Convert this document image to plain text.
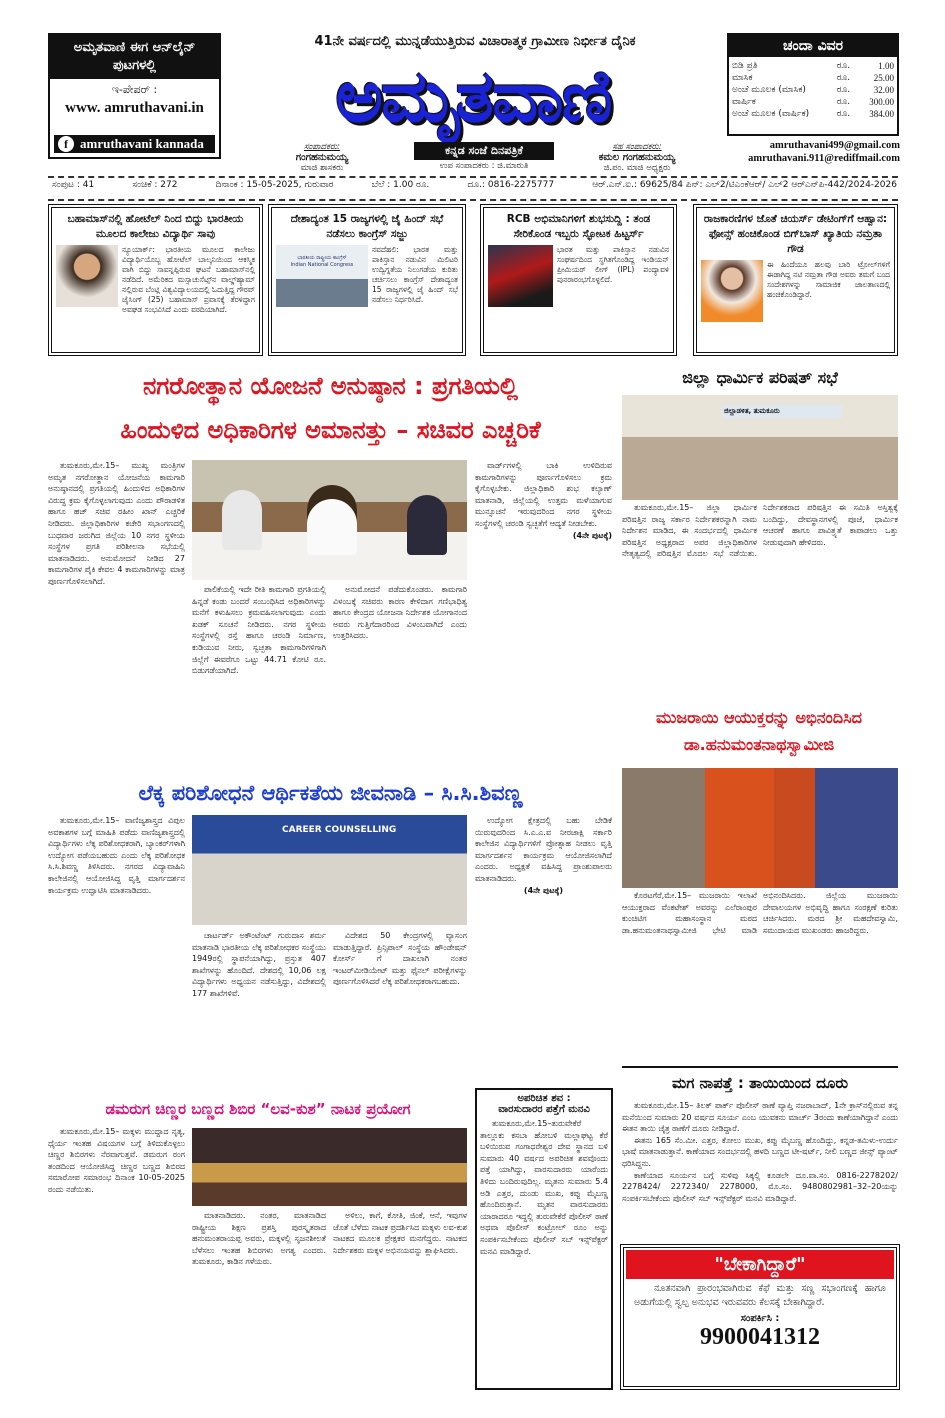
ಅಮೃತವಾಣಿ ಈಗ ಆನ್‌ಲೈನ್ ಪುಟಗಳಲ್ಲಿ
ಇ-ಪೇಪರ್ :
www. amruthavani.in
f amruthavani kannada
41ನೇ ವರ್ಷದಲ್ಲಿ ಮುನ್ನಡೆಯುತ್ತಿರುವ ವಿಚಾರಾತ್ಮಕ ಗ್ರಾಮೀಣ ನಿರ್ಭೀತ ದೈನಿಕ
ಅಮೃತವಾಣಿ
ಚಂದಾ ವಿವರ
ಬಿಡಿ ಪ್ರತಿ	ರೂ.	1.00
ಮಾಸಿಕ	ರೂ.	25.00
ಅಂಚೆ ಮೂಲಕ (ಮಾಸಿಕ)	ರೂ.	32.00
ವಾರ್ಷಿಕ	ರೂ.	300.00
ಅಂಚೆ ಮೂಲಕ (ವಾರ್ಷಿಕ)	ರೂ.	384.00
amruthavani499@gmail.com
amruthavani.911@rediffmail.com
ಸಂಪಾದಕರು:
ಗಂಗಹನುಮಯ್ಯ
ಮಾಜಿ ಶಾಸಕರು
ಕನ್ನಡ ಸಂಜೆ ದಿನಪತ್ರಿಕೆ
ಉಪ ಸಂಪಾದಕರು : ಜಿ.ಮಾರುತಿ
ಸಹ ಸಂಪಾದಕರು:
ಕಮಲ ಗಂಗಹನುಮಯ್ಯ
ಜಿ.ಪಂ. ಮಾಜಿ ಅಧ್ಯಕ್ಷರು
ಸಂಪುಟ : 41	ಸಂಚಿಕೆ : 272	ದಿನಾಂಕ : 15-05-2025, ಗುರುವಾರ	ಬೆಲೆ : 1.00 ರೂ.	ದೂ.: 0816-2275777	ಆರ್.ಎನ್.ಐ.: 69625/84 ಪಿನ್: ಎಲ್2/ಟಿಎಂಕೆಆರ್/ ಎಲ್2 ಆರ್‌ಎನ್‌ಪಿ-442/2024-2026
ಬಹಾಮಾಸ್‌ನಲ್ಲಿ ಹೋಟೆಲ್ ನಿಂದ ಬಿದ್ದು ಭಾರತೀಯ ಮೂಲದ ಕಾಲೇಜು ವಿದ್ಯಾರ್ಥಿ ಸಾವು

ನ್ಯೂಯಾರ್ಕ್: ಭಾರತೀಯ ಮೂಲದ ಕಾಲೇಜು ವಿದ್ಯಾರ್ಥಿಯೊಬ್ಬ ಹೋಟೆಲ್ ಬಾಲ್ಕನಿಯಿಂದ ಆಕಸ್ಮಿಕ ವಾಗಿ ಬಿದ್ದು ಸಾವನ್ನಪ್ಪಿರುವ ಘಟನೆ ಬಹಾಮಾಸ್‌ನಲ್ಲಿ ನಡೆದಿದೆ. ಅಮೆರಿಕದ ಮಸ್ಸಾಚುಸೆಟ್ಸ್‌ನ ವಾಲ್ಡ್‌ಹ್ಯಾಮ್ ನಲ್ಲಿರುವ ಬೆಂಟ್ಲಿ ವಿಶ್ವವಿದ್ಯಾಲಯದಲ್ಲಿ ಓದುತ್ತಿದ್ದ ಗೌರವ್ ಜೈಸಿಂಗ್ (25) ಬಹಾಮಾಸ್ ಪ್ರವಾಸಕ್ಕೆ ತೆರಳಿದ್ದಾಗ ಅವಘಡ ಸಂಭವಿಸಿದೆ ಎಂದು ವರದಿಯಾಗಿದೆ.

ದೇಶಾದ್ಯಂತ 15 ರಾಜ್ಯಗಳಲ್ಲಿ ಜೈ ಹಿಂದ್ ಸಭೆ ನಡೆಸಲು ಕಾಂಗ್ರೆಸ್ ಸಜ್ಜು
ಭಾರತೀಯ ರಾಷ್ಟ್ರೀಯ ಕಾಂಗ್ರೆಸ್
Indian National Congress

ನವದೆಹಲಿ: ಭಾರತ ಮತ್ತು ಪಾಕಿಸ್ತಾನ ನಡುವಿನ ಮಿಲಿಟರಿ ಉದ್ವಿಗ್ನತೆಯ ನಿಲುಗಡೆಯ ಕುರಿತು ಚರ್ಚಿಸಲು ಕಾಂಗ್ರೆಸ್ ದೇಶಾದ್ಯಂತ 15 ರಾಜ್ಯಗಳಲ್ಲಿ ಜೈ ಹಿಂದ್ ಸಭೆ ನಡೆಸಲು ನಿರ್ಧರಿಸಿದೆ.

RCB ಅಭಿಮಾನಿಗಳಿಗೆ ಶುಭಸುದ್ದಿ : ತಂಡ ಸೇರಿಕೊಂಡ ಇಬ್ಬರು ಸ್ಫೋಟಕ ಹಿಟ್ಟರ್ಸ್

ಭಾರತ ಮತ್ತು ಪಾಕಿಸ್ತಾನ ನಡುವಿನ ಸಂಘರ್ಷದಿಂದ ಸ್ಥಗಿತಗೊಂಡಿದ್ದ ಇಂಡಿಯನ್ ಪ್ರೀಮಿಯರ್ ಲೀಗ್ (IPL) ಪಂದ್ಯಾವಳಿ ಪುನರಾರಂಭಗೊಳ್ಳಲಿದೆ.

ರಾಜಕಾರಣಿಗಳ ಜೊತೆ ಚಿಯರ್ಸ್ ಡೇಟಿಂಗ್‌ಗೆ ಆಹ್ವಾನ: ಫೋನ್ಸ್ ಹಂಚಿಕೊಂಡ ಬಿಗ್‌ಬಾಸ್ ಖ್ಯಾತಿಯ ನಮ್ರತಾ ಗೌಡ

ಈ ಹಿಂದೆಯೂ ಹಲವು ಬಾರಿ ಟ್ರೋಲ್‌ಗಳಿಗೆ ಈಡಾಗಿದ್ದ ನಟಿ ನಮ್ರತಾ ಗೌಡ ಅವರು ತಮಗೆ ಬಂದ ಸಂದೇಶಗಳನ್ನು ಸಾಮಾಜಿಕ ಜಾಲತಾಣದಲ್ಲಿ ಹಂಚಿಕೊಂಡಿದ್ದಾರೆ.

ನಗರೋತ್ಥಾನ ಯೋಜನೆ ಅನುಷ್ಠಾನ : ಪ್ರಗತಿಯಲ್ಲಿ
ಹಿಂದುಳಿದ ಅಧಿಕಾರಿಗಳ ಅಮಾನತ್ತು – ಸಚಿವರ ಎಚ್ಚರಿಕೆ

ತುಮಕೂರು,ಮೇ.15– ಮುಖ್ಯ ಮಂತ್ರಿಗಳ ಅಮೃತ ನಗರೋತ್ಥಾನ ಯೋಜನೆಯ ಕಾಮಗಾರಿ ಅನುಷ್ಠಾನದಲ್ಲಿ ಪ್ರಗತಿಯಲ್ಲಿ ಹಿಂದುಳಿದ ಅಧಿಕಾರಿಗಳ ವಿರುದ್ಧ ಕ್ರಮ ಕೈಗೊಳ್ಳಲಾಗುವುದು ಎಂದು ಪೌರಾಡಳಿತ ಹಾಗೂ ಹಜ್ ಸಚಿವ ರಹೀಂ ಖಾನ್ ಎಚ್ಚರಿಕೆ ನೀಡಿದರು. ಜಿಲ್ಲಾಧಿಕಾರಿಗಳ ಕಚೇರಿ ಸಭಾಂಗಣದಲ್ಲಿ ಬುಧವಾರ ಜರುಗಿದ ಜಿಲ್ಲೆಯ 10 ನಗರ ಸ್ಥಳೀಯ ಸಂಸ್ಥೆಗಳ ಪ್ರಗತಿ ಪರಿಶೀಲನಾ ಸಭೆಯಲ್ಲಿ ಮಾತನಾಡಿದರು. ಅನುಮೋದನೆ ನೀಡಿದ 27 ಕಾಮಗಾರಿಗಳ ಪೈಕಿ ಕೇವಲ 4 ಕಾಮಗಾರಿಗಳನ್ನು ಮಾತ್ರ ಪೂರ್ಣಗೊಳಿಸಲಾಗಿದೆ.

ಪಾಲಿಕೆಯಲ್ಲಿ ಇದೇ ರೀತಿ ಕಾಮಗಾರಿ ಪ್ರಗತಿಯಲ್ಲಿ ಹಿನ್ನಡೆ ಕಂಡು ಬಂದರೆ ಸಂಬಂಧಿಸಿದ ಅಧಿಕಾರಿಗಳನ್ನು ಮನೆಗೆ ಕಳುಹಿಸಲು ಕ್ರಮವಹಿಸಲಾಗುವುದು ಎಂದು ಖಡಕ್ ಸೂಚನೆ ನೀಡಿದರು. ನಗರ ಸ್ಥಳೀಯ ಸಂಸ್ಥೆಗಳಲ್ಲಿ ರಸ್ತೆ ಹಾಗೂ ಚರಂಡಿ ನಿರ್ಮಾಣ, ಕುಡಿಯುವ ನೀರು, ಸ್ವಚ್ಛತಾ ಕಾಮಗಾರಿಗಳಿಗಾಗಿ ಜಿಲ್ಲೆಗೆ ಈವರೆಗೂ ಒಟ್ಟು 44.71 ಕೋಟಿ ರೂ. ಬಿಡುಗಡೆಯಾಗಿದೆ.

ಅನುಮೋದನೆ ಪಡೆದುಕೊಂಡರು. ಕಾಮಗಾರಿ ವಿಳಂಬಕ್ಕೆ ಸಚಿವರು ಕಾರಣ ಕೇಳಿದಾಗ ಗಣಿಭಾಧಿತ್ಯ ಹಾಗೂ ಕೇಂದ್ರದ ಯೋಜನಾ ನಿರ್ದೇಶಕ ಯೋಗಾನಂದ ಅವರು ಗುತ್ತಿಗೆದಾರರಿಂದ ವಿಳಂಬವಾಗಿದೆ ಎಂದು ಉತ್ತರಿಸಿದರು.

ವಾರ್ಡ್‌ಗಳಲ್ಲಿ ಬಾಕಿ ಉಳಿದಿರುವ ಕಾಮಗಾರಿಗಳನ್ನು ಪೂರ್ಣಗೊಳಿಸಲು ಕ್ರಮ ಕೈಗೊಳ್ಳಬೇಕು. ಜಿಲ್ಲಾಧಿಕಾರಿ ಶುಭ ಕಲ್ಯಾಣ್ ಮಾತನಾಡಿ, ಜಿಲ್ಲೆಯಲ್ಲಿ ಉತ್ತಮ ಮಳೆಯಾಗುವ ಮುನ್ಸೂಚನೆ ಇರುವುದರಿಂದ ನಗರ ಸ್ಥಳೀಯ ಸಂಸ್ಥೆಗಳಲ್ಲಿ ಚರಂಡಿ ಸ್ವಚ್ಛತೆಗೆ ಆದ್ಯತೆ ನೀಡಬೇಕು.

(4ನೇ ಪುಟಕ್ಕೆ)
ಜಿಲ್ಲಾ ಧಾರ್ಮಿಕ ಪರಿಷತ್ ಸಭೆ
ಜಿಲ್ಲಾಡಳಿತ, ತುಮಕೂರು

ತುಮಕೂರು,ಮೇ.15– ಜಿಲ್ಲಾ ಧಾರ್ಮಿಕ ಪರಿಷತ್ತಿನ ರಾಜ್ಯ ಸರ್ಕಾರ ನಿರ್ದೇಶಕರನ್ನಾಗಿ ನಾಮ ನಿರ್ದೇಶನ ಮಾಡಿದ, ಈ ಸಂದರ್ಭದಲ್ಲಿ ಧಾರ್ಮಿಕ ಪರಿಷತ್ತಿನ ಅಧ್ಯಕ್ಷರಾದ ಅಪರ ಜಿಲ್ಲಾಧಿಕಾರಿಗಳ ನೇತೃತ್ವದಲ್ಲಿ ಪರಿಷತ್ತಿನ ಮೊದಲ ಸಭೆ ನಡೆಯಿತು. ನಿರ್ದೇಶಕರಾದ ಪರಿಷತ್ತಿನ ಈ ಸಮಿತಿ ಅಸ್ತಿತ್ವಕ್ಕೆ ಬಂದಿದ್ದು, ದೇವಸ್ಥಾನಗಳಲ್ಲಿ ಪೂಜೆ, ಧಾರ್ಮಿಕ ಆಚರಣೆ ಹಾಗೂ ಪಾವಿತ್ರ್ಯತೆ ಕಾಪಾಡಲು ಒತ್ತು ನೀಡುವುದಾಗಿ ಹೇಳಿದರು.

ಮುಜರಾಯಿ ಆಯುಕ್ತರನ್ನು ಅಭಿನಂದಿಸಿದ
ಡಾ.ಹನುಮಂತನಾಥಸ್ವಾಮೀಜಿ

ಕೊರಟಗೆರೆ,ಮೇ.15– ಮುಜರಾಯಿ ಇಲಾಖೆ ಆಯುಕ್ತರಾದ ವೆಂಕಟೇಶ್ ಅವರನ್ನು ಎಲೆರಾಂಪುರ ಕುಂಚಿಟಿಗ ಮಹಾಸಂಸ್ಥಾನ ಮಠದ ಡಾ.ಹನುಮಂತನಾಥಸ್ವಾಮೀಜಿ ಭೇಟಿ ಮಾಡಿ ಅಭಿನಂದಿಸಿದರು. ಜಿಲ್ಲೆಯ ಮುಜರಾಯಿ ದೇವಾಲಯಗಳ ಅಭಿವೃದ್ಧಿ ಹಾಗೂ ಸಂರಕ್ಷಣೆ ಕುರಿತು ಚರ್ಚಿಸಿದರು. ಮಠದ ಶ್ರೀ ಮಹದೇವಸ್ವಾಮಿ, ಸಮುದಾಯದ ಮುಖಂಡರು ಹಾಜರಿದ್ದರು.

ಲೆಕ್ಕ ಪರಿಶೋಧನೆ ಆರ್ಥಿಕತೆಯ ಜೀವನಾಡಿ – ಸಿ.ಸಿ.ಶಿವಣ್ಣ

ತುಮಕೂರು,ಮೇ.15– ವಾಣಿಜ್ಯಶಾಸ್ತ್ರದ ವಿಪುಲ ಅವಕಾಶಗಳ ಬಗ್ಗೆ ಮಾಹಿತಿ ಪಡೆದು ವಾಣಿಜ್ಯಶಾಸ್ತ್ರದಲ್ಲಿ ವಿದ್ಯಾರ್ಥಿಗಳು ಲೆಕ್ಕ ಪರಿಶೋಧಕರಾಗಿ, ಬ್ಯಾಂಕರ್‌ಗಳಾಗಿ ಉದ್ಯೋಗ ಪಡೆಯಬಹುದು ಎಂದು ಲೆಕ್ಕ ಪರಿಶೋಧಕ ಸಿ.ಸಿ.ಶಿವಣ್ಣ ತಿಳಿಸಿದರು. ನಗರದ ವಿದ್ಯಾವಾಹಿನಿ ಕಾಲೇಜಿನಲ್ಲಿ ಆಯೋಜಿಸಿದ್ದ ವೃತ್ತಿ ಮಾರ್ಗದರ್ಶನ ಕಾರ್ಯಕ್ರಮ ಉದ್ಘಾಟಿಸಿ ಮಾತನಾಡಿದರು.

CAREER COUNSELLING

ಚಾರ್ಟರ್ಡ್ ಅಕೌಂಟೆಂಟ್ ಗುರುದಾಸ ಶರ್ಮ ಮಾತನಾಡಿ ಭಾರತೀಯ ಲೆಕ್ಕ ಪರಿಶೋಧಕರ ಸಂಸ್ಥೆಯು 1949ರಲ್ಲಿ ಸ್ಥಾಪನೆಯಾಗಿದ್ದು, ಪ್ರಸ್ತುತ 407 ಶಾಖೆಗಳನ್ನು ಹೊಂದಿದೆ. ದೇಶದಲ್ಲಿ 10,06 ಲಕ್ಷ ವಿದ್ಯಾರ್ಥಿಗಳು ಅಧ್ಯಯನ ನಡೆಸುತ್ತಿದ್ದು, ವಿದೇಶದಲ್ಲಿ 177 ಶಾಖೆಗಳಿವೆ.

ವಿದೇಶದ 50 ಕೇಂದ್ರಗಳಲ್ಲಿ ವ್ಯಾಸಂಗ ಮಾಡುತ್ತಿದ್ದಾರೆ. ಪ್ರಿನ್ಸಿಪಾಲ್ ಸಂಸ್ಥೆಯ ಹೌಂಡೇಷನ್ ಕೋರ್ಸ್ ಗೆ ದಾಖಲಾಗಿ ನಂತರ ಇಂಟರ್‌ಮೀಡಿಯೇಟ್ ಮತ್ತು ಫೈನಲ್ ಪರೀಕ್ಷೆಗಳನ್ನು ಪೂರ್ಣಗೊಳಿಸಿದರೆ ಲೆಕ್ಕ ಪರಿಶೋಧಕರಾಗಬಹುದು.

ಉದ್ಯೋಗ ಕ್ಷೇತ್ರದಲ್ಲಿ ಬಹು ಬೇಡಿಕೆ ಯಿರುವುದರಿಂದ ಸಿ.ಎ.ಎ.ವ ನೀರಜಾಕ್ಷಿ ಸರ್ಕಾರಿ ಕಾಲೇಜಿನ ವಿದ್ಯಾರ್ಥಿಗಳಿಗೆ ಪ್ರೋತ್ಸಾಹ ನೀಡಲು ವೃತ್ತಿ ಮಾರ್ಗದರ್ಶನ ಕಾರ್ಯಕ್ರಮ ಆಯೋಜಿಸಲಾಗಿದೆ ಎಂದರು. ಅಧ್ಯಕ್ಷತೆ ವಹಿಸಿದ್ದ ಪ್ರಾಂಶುಪಾಲರು ಮಾತನಾಡಿದರು.

(4ನೇ ಪುಟಕ್ಕೆ)
ಮಗ ನಾಪತ್ತೆ : ತಾಯಿಯಿಂದ ದೂರು

ತುಮಕೂರು,ಮೇ.15– ತಿಲಕ್ ಪಾರ್ಕ್ ಪೊಲೀಸ್ ಠಾಣೆ ವ್ಯಾಪ್ತಿ ನಜರಾಬಾದ್, 1ನೇ ಕ್ರಾಸ್‌ನಲ್ಲಿರುವ ತನ್ನ ಮನೆಯಿಂದ ಸುಮಾರು 20 ವರ್ಷದ ಸೂರ್ಯ ಎಂಬ ಯುವಕನು ಮಾರ್ಚ್ 3ರಂದು ಕಾಣೆಯಾಗಿದ್ದಾನೆ ಎಂದು ಈತನ ತಾಯಿ ಚೈತ್ರ ಠಾಣೆಗೆ ದೂರು ನೀಡಿದ್ದಾರೆ.

ಈತನು 165 ಸೆಂ.ಮೀ. ಎತ್ತರ, ಕೋಲು ಮುಖ, ಕಪ್ಪು ಮೈಬಣ್ಣ ಹೊಂದಿದ್ದು, ಕನ್ನಡ-ತಮಿಳು-ಉರ್ದು ಭಾಷೆ ಮಾತನಾಡುತ್ತಾನೆ. ಕಾಣೆಯಾದ ಸಂದರ್ಭದಲ್ಲಿ ಹಳದಿ ಬಣ್ಣದ ಟೀ-ಷರ್ಟ್, ನೀಲಿ ಬಣ್ಣದ ಜೀನ್ಸ್ ಪ್ಯಾಂಟ್ ಧರಿಸಿದ್ದನು.

ಕಾಣೆಯಾದ ಸೂರ್ಯನ ಬಗ್ಗೆ ಸುಳಿವು ಸಿಕ್ಕಲ್ಲಿ ಕೂಡಲೇ ದೂ.ವಾ.ಸಂ. 0816-2278202/ 2278424/ 2272340/ 2278000, ಮೊ.ಸಂ. 9480802981–32–20ಯನ್ನು ಸಂಪರ್ಕಿಸಬೇಕೆಂದು ಪೊಲೀಸ್ ಸಬ್ ಇನ್ಸ್‌ಪೆಕ್ಟರ್ ಮನವಿ ಮಾಡಿದ್ದಾರೆ.

ಡಮರುಗ ಚಿಣ್ಣರ ಬಣ್ಣದ ಶಿಬಿರ “ಲವ-ಕುಶ” ನಾಟಕ ಪ್ರಯೋಗ

ತುಮಕೂರು,ಮೇ.15– ಮಕ್ಕಳು ಮುದ್ದಾದ ನೃತ್ಯ, ಧೈರ್ಯ ಇಂತಹ ವಿಷಯಗಳ ಬಗ್ಗೆ ತಿಳಿದುಕೊಳ್ಳಲು ಚಿಣ್ಣರ ಶಿಬಿರಗಳು ನೆರವಾಗುತ್ತವೆ. ಡಮರುಗ ರಂಗ ತಂಡದಿಂದ ಆಯೋಜಿಸಿದ್ದ ಚಿಣ್ಣರ ಬಣ್ಣದ ಶಿಬಿರದ ಸಮಾರೋಪ ಸಮಾರಂಭ ದಿನಾಂಕ 10-05-2025 ರಂದು ನಡೆಯಿತು.

ಮಾತನಾಡಿದರು. ನಂತರ, ಮಾತನಾಡಿದ ರಾಷ್ಟ್ರೀಯ ಶಿಕ್ಷಣ ಪ್ರಶಸ್ತಿ ಪುರಸ್ಕೃತರಾದ ಹನುಮಂತರಾಯಪ್ಪ ಅವರು, ಮಕ್ಕಳಲ್ಲಿ ಸೃಜನಶೀಲತೆ ಬೆಳೆಸಲು ಇಂತಹ ಶಿಬಿರಗಳು ಅಗತ್ಯ ಎಂದರು. ತುಮಕೂರು, ಕಾಡಿನ ಗಳೆಯರು.

ಅಳಿಲು, ಕಾಗೆ, ಕೋತಿ, ಜಿಂಕೆ, ಆನೆ, ಇವುಗಳ ಜೊತೆ ಬೆಳೆದು ನಾಟಕ ಪ್ರದರ್ಶಿಸಿದ ಮಕ್ಕಳು ಲವ-ಕುಶ ನಾಟಕದ ಮೂಲಕ ಪ್ರೇಕ್ಷಕರ ಮನಗೆದ್ದರು. ನಾಟಕದ ನಿರ್ದೇಶಕರು ಮಕ್ಕಳ ಅಭಿನಯವನ್ನು ಶ್ಲಾಘಿಸಿದರು.

ಅಪರಿಚಿತ ಶವ :
ವಾರಸುದಾರರ ಪತ್ತೆಗೆ ಮನವಿ

ತುಮಕೂರು,ಮೇ.15–ತುರುವೇಕೆರೆ ತಾಲ್ಲೂಕು ಕಸಬಾ ಹೋಬಳಿ ಮಲ್ಲಾಘಟ್ಟ ಕೆರೆ ಬಳಿಯಿರುವ ಗಂಗಾಧರೇಶ್ವರ ದೇವ ಸ್ಥಾನದ ಬಳಿ ಸುಮಾರು 40 ವರ್ಷದ ಅಪರಿಚಿತ ಶವವೊಂದು ಪತ್ತೆ ಯಾಗಿದ್ದು, ವಾರಸುದಾರರು ಯಾರೆಂದು ತಿಳಿದು ಬಂದಿರುವುದಿಲ್ಲ. ಮೃತನು ಸುಮಾರು 5.4 ಅಡಿ ಎತ್ತರ, ದುಂಡು ಮುಖ, ಕಪ್ಪು ಮೈಬಣ್ಣ ಹೊಂದಿರುತ್ತಾನೆ. ಮೃತನ ವಾರಸುದಾರರು ಯಾರಾದರೂ ಇದ್ದಲ್ಲಿ ತುರುವೇಕೆರೆ ಪೊಲೀಸ್ ಠಾಣೆ ಅಥವಾ ಪೊಲೀಸ್ ಕಂಟ್ರೋಲ್ ರೂಂ ಅನ್ನು ಸಂಪರ್ಕಿಸಬೇಕೆಂದು ಪೊಲೀಸ್ ಸಬ್ ಇನ್ಸ್‌ಪೆಕ್ಟರ್ ಮನವಿ ಮಾಡಿದ್ದಾರೆ.

"ಬೇಕಾಗಿದ್ದಾರೆ"
ನೂತನವಾಗಿ ಪ್ರಾರಂಭವಾಗಿರುವ ಕೆಫೆ ಮತ್ತು ಸಣ್ಣ ಸಭಾಂಗಣಕ್ಕೆ ಹಾಗೂ ಅಡುಗೆಯಲ್ಲಿ ಸ್ವಲ್ಪ ಅನುಭವ ಇರುವವರು ಕೆಲಸಕ್ಕೆ ಬೇಕಾಗಿದ್ದಾರೆ.
ಸಂಪರ್ಕಿಸಿ :
9900041312
